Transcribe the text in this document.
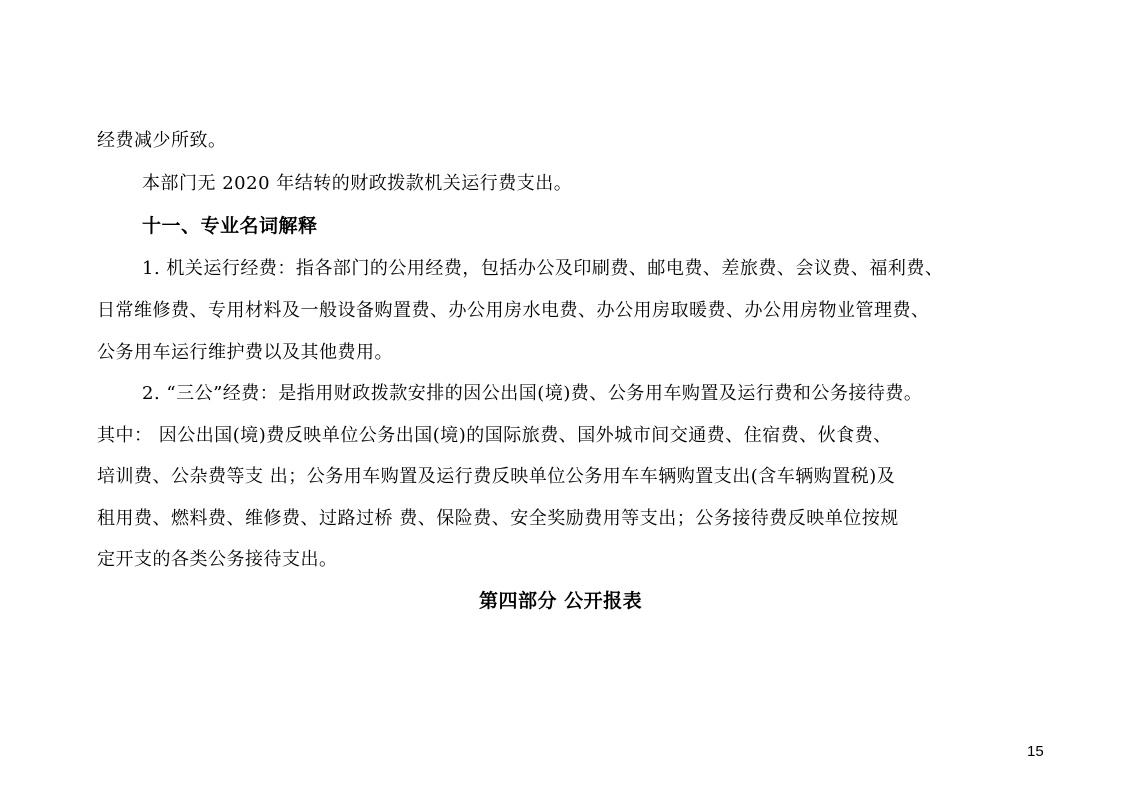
经费减少所致。
本部门无 2020 年结转的财政拨款机关运行费支出。
十一、专业名词解释
1. 机关运行经费：指各部门的公用经费，包括办公及印刷费、邮电费、差旅费、会议费、福利费、
日常维修费、专用材料及一般设备购置费、办公用房水电费、办公用房取暖费、办公用房物业管理费、
公务用车运行维护费以及其他费用。
2. “三公”经费：是指用财政拨款安排的因公出国(境)费、公务用车购置及运行费和公务接待费。
其中： 因公出国(境)费反映单位公务出国(境)的国际旅费、国外城市间交通费、住宿费、伙食费、
培训费、公杂费等支 出；公务用车购置及运行费反映单位公务用车车辆购置支出(含车辆购置税)及
租用费、燃料费、维修费、过路过桥 费、保险费、安全奖励费用等支出；公务接待费反映单位按规
定开支的各类公务接待支出。
第四部分 公开报表
15
